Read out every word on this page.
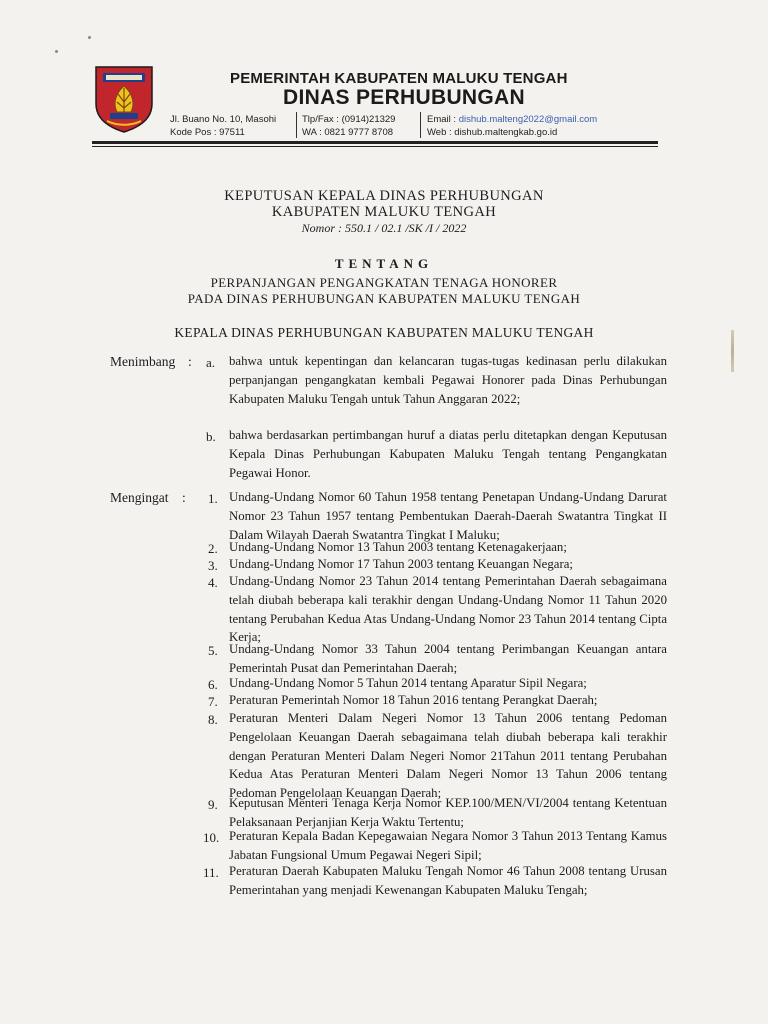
PEMERINTAH KABUPATEN MALUKU TENGAH
DINAS PERHUBUNGAN
Jl. Buano No. 10, Masohi
Kode Pos : 97511
Tlp/Fax : (0914)21329
WA : 0821 9777 8708
Email : dishub.malteng2022@gmail.com
Web : dishub.maltengkab.go.id
KEPUTUSAN KEPALA DINAS PERHUBUNGAN
KABUPATEN MALUKU TENGAH
Nomor : 550.1 / 02.1 /SK /I / 2022
TENTANG
PERPANJANGAN PENGANGKATAN TENAGA HONORER
PADA DINAS PERHUBUNGAN KABUPATEN MALUKU TENGAH
KEPALA DINAS PERHUBUNGAN KABUPATEN MALUKU TENGAH
Menimbang : a. bahwa untuk kepentingan dan kelancaran tugas-tugas kedinasan perlu dilakukan perpanjangan pengangkatan kembali Pegawai Honorer pada Dinas Perhubungan Kabupaten Maluku Tengah untuk Tahun Anggaran 2022;
b. bahwa berdasarkan pertimbangan huruf a diatas perlu ditetapkan dengan Keputusan Kepala Dinas Perhubungan Kabupaten Maluku Tengah tentang Pengangkatan Pegawai Honor.
Mengingat : 1. Undang-Undang Nomor 60 Tahun 1958 tentang Penetapan Undang-Undang Darurat Nomor 23 Tahun 1957 tentang Pembentukan Daerah-Daerah Swatantra Tingkat II Dalam Wilayah Daerah Swatantra Tingkat I Maluku;
2. Undang-Undang Nomor 13 Tahun 2003 tentang Ketenagakerjaan;
3. Undang-Undang Nomor 17 Tahun 2003 tentang Keuangan Negara;
4. Undang-Undang Nomor 23 Tahun 2014 tentang Pemerintahan Daerah sebagaimana telah diubah beberapa kali terakhir dengan Undang-Undang Nomor 11 Tahun 2020 tentang Perubahan Kedua Atas Undang-Undang Nomor 23 Tahun 2014 tentang Cipta Kerja;
5. Undang-Undang Nomor 33 Tahun 2004 tentang Perimbangan Keuangan antara Pemerintah Pusat dan Pemerintahan Daerah;
6. Undang-Undang Nomor 5 Tahun 2014 tentang Aparatur Sipil Negara;
7. Peraturan Pemerintah Nomor 18 Tahun 2016 tentang Perangkat Daerah;
8. Peraturan Menteri Dalam Negeri Nomor 13 Tahun 2006 tentang Pedoman Pengelolaan Keuangan Daerah sebagaimana telah diubah beberapa kali terakhir dengan Peraturan Menteri Dalam Negeri Nomor 21Tahun 2011 tentang Perubahan Kedua Atas Peraturan Menteri Dalam Negeri Nomor 13 Tahun 2006 tentang Pedoman Pengelolaan Keuangan Daerah;
9. Keputusan Menteri Tenaga Kerja Nomor KEP.100/MEN/VI/2004 tentang Ketentuan Pelaksanaan Perjanjian Kerja Waktu Tertentu;
10. Peraturan Kepala Badan Kepegawaian Negara Nomor 3 Tahun 2013 Tentang Kamus Jabatan Fungsional Umum Pegawai Negeri Sipil;
11. Peraturan Daerah Kabupaten Maluku Tengah Nomor 46 Tahun 2008 tentang Urusan Pemerintahan yang menjadi Kewenangan Kabupaten Maluku Tengah;
